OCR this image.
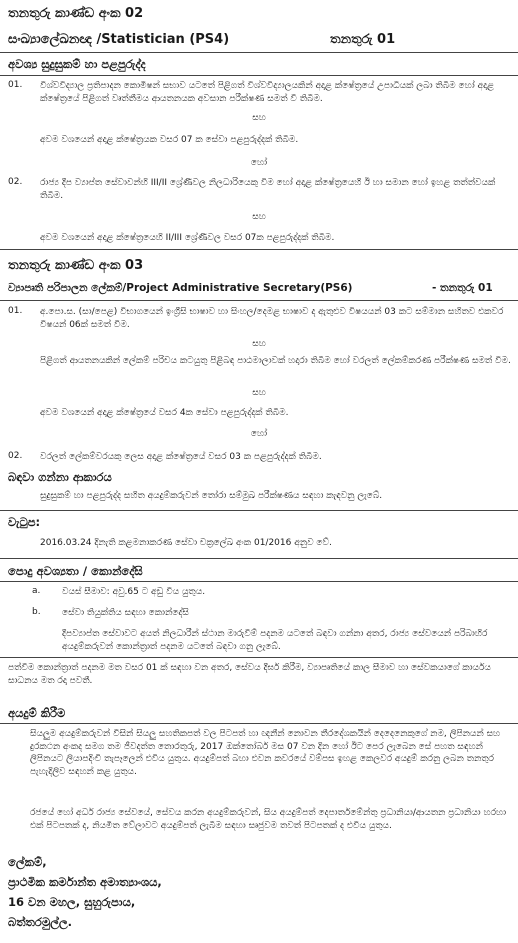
තනතුරු කාණ්ඩ අංක 02
සංඛ්‍යාලේඛනඥ /Statistician (PS4)	තනතුරු 01
අවශ්‍ය සුදුසුකම් හා පළපුරුද්ද
01. විශ්වවිද්‍යාල ප්‍රතිපාදන කොමිෂන් සභාව යටතේ පිළිගත් විශ්වවිද්‍යාලයකින් අදාළ ක්ෂේත්‍රයේ උපාධියක් ලබා තිබීම හෝ අදාළ ක්ෂේත්‍රයේ පිළිගත් වෘත්තීමය ආයතනයක අවසාන පරීක්ෂණ සමත් වී තිබීම.
සහ
අවම වශයෙන් අදාළ ක්ෂේත්‍රයක වසර 07 ක සේවා පළපුරුද්දක් තිබීම.
හෝ
02. රාජ්‍ය දීප ව්‍යාප්ත සේවාවන්හි III/II ශ්‍රේණිවල නිලධාරියෙකු විම හෝ අදාළ ක්ෂේත්‍රයෙහි ඊ හා සමාන හෝ ඉහළ තත්ත්වයක් තිබීම.
සහ
අවම වශයෙන් අදාළ ක්ෂේත්‍රයෙහි II/III ශ්‍රේණිවල වසර 07ක පළපුරුද්දක් තිබීම.
තනතුරු කාණ්ඩ අංක 03
ව්‍යාපෘති පරිපාලන ලේකම්/Project Administrative Secretary(PS6)	- තනතුරු 01
01. අ.පො.ස. (සා/පෙළ) විභාගයෙන් ඉංග්‍රීසි භාෂාව හා සිංහල/දෙමළ භාෂාව ද ඇතුළුව විෂයයන් 03 කට සම්මාන සහිතව එකවර විෂයන් 06ක් සමත් විම.
සහ
පිළිගත් ආයතනයකින් ලේකම් පරිචය කටයුතු පිළිබඳ පාඨමාලාවක් හදාරා තිබීම හෝ වරලත් ලේකම්කරණ පරීක්ෂණ සමත් විම.
සහ
අවම වශයෙන් අදාළ ක්ෂේත්‍රයේ වසර 4ක සේවා පළපුරුද්දක් තිබීම.
හෝ
02. වරලත් ලේකම්වරයකු ලෙස අදාළ ක්ෂේත්‍රයේ වසර 03 ක පළපුරුද්දක් තිබීම.
බඳවා ගන්නා ආකාරය
සුදුසුකම් හා පළපුරුද්ද සහිත අයදුම්කරුවන් තෝරා සම්මුඛ පරීක්ෂණය සඳහා කැඳවනු ලැබේ.
වැටුප:
2016.03.24 දිනැති කළමනාකරණ සේවා චක්‍රලේඛ අංක 01/2016 අනුව වේ.
පොදු අවශ්‍යතා / කොන්දේසි
a. වයස් සීමාව: අවු.65 ට අඩු විය යුතුය.
b. සේවා තියුක්තිය සඳහා කොන්දේසි
දීපව්‍යාප්ත සේවාවට අයත් නිලධාරීන් ස්ථාන මාරුවීම් පදනම යටතේ බඳවා ගන්නා අතර, රාජ්‍ය සේවයෙන් පරිබාහිර අයදුම්කරුවන් කොන්ත්‍රාත් පදනම යටතේ බඳවා ගනු ලැබේ.
පත්වීම කොන්ත්‍රාත් පදනම මත වසර 01 ක් සඳහා වන අතර, සේවය දීර්ඝ කිරීම, ව්‍යාපෘතියේ කාල සීමාව හා සේවකයාගේ කාර්යය සාධනය මත රදා පවතී.
අයදුම් කිරීම
සියලුම අයදුම්කරුවන් විසින් සියලු සහතිකපත් වල පිටපත් හා ඥනීන් නොවන තීරදේශකයින් දෙදෙනෙකුගේ නම, ලිපිනයන් සහ දුරකථන අංකද සමග තම ජීවදත්ත තොරතුරු, 2017 ඔක්තෝබර් මස 07 වන දින හෝ ඊට පෙර ලැබෙන සේ පහත සඳහන් ලිපිනයට ලියාපදිංචි තැපෑලෙන් එවිය යුතුය. අයදුම්පත් බහා එවන කවරයේ වම්පස ඉහළ කෙලවර අයදුම් කරනු ලබන තනතුර පැහැදිලිව සඳහන් කළ යුතුය.
රජයේ හෝ අර්ධ රාජ්‍ය සේවයේ, සේවය කරන අයදුම්කරුවන්, සිය අයදුම්පත් දෙපාර්තමේන්තු ප්‍රධානියා/ආයතන ප්‍රධානියා හරහා එක් පිටපතක් ද, නියමිත වේලාවට අයදුම්පත් ලැබීම සඳහා සෘජුවම තවත් පිටපතක් ද එවිය යුතුය.
ලේකම්,
ප්‍රාථමික කර්මාන්ත අමාත්‍යාංශය,
16 වන මහල, සුහුරුපාය,
බත්තරමුල්ල.
